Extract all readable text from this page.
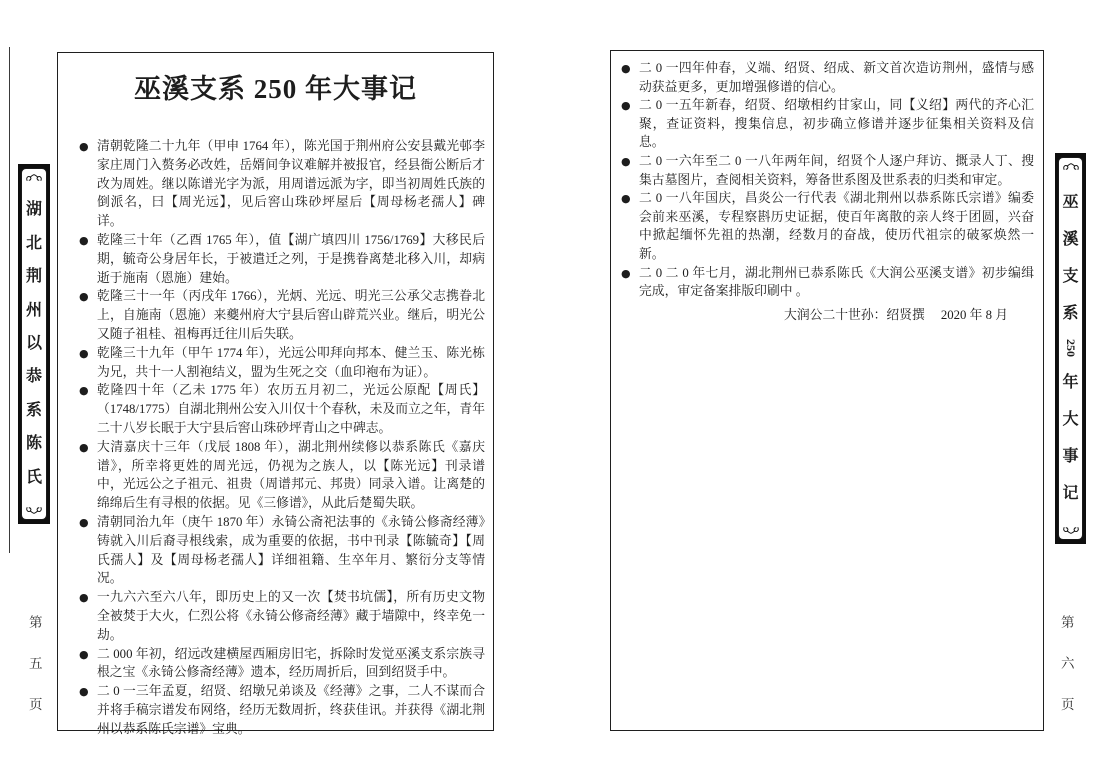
巫溪支系 250 年大事记
● 清朝乾隆二十九年（甲申 1764 年），陈光国于荆州府公安县戴光邨李家庄周门入赘务必改姓，岳婿间争议难解并被报官，经县衙公断后才改为周姓。继以陈谱光字为派，用周谱远派为字，即当初周姓氏族的倒派名，曰【周光远】，见后窖山珠砂坪屋后【周母杨老孺人】碑详。
● 乾隆三十年（乙酉 1765 年），值【湖广填四川 1756/1769】大移民后期，毓奇公身居年长，于被遣迁之列，于是携眷离楚北移入川，却病逝于施南（恩施）建始。
● 乾隆三十一年（丙戌年 1766），光炳、光远、明光三公承父志携眷北上，自施南（恩施）来夔州府大宁县后窖山辟荒兴业。继后，明光公又随子祖桂、祖梅再迁往川后失联。
● 乾隆三十九年（甲午 1774 年），光远公叩拜向邦本、健兰玉、陈光栋为兄，共十一人割袍结义，盟为生死之交（血印袍布为证）。
● 乾隆四十年（乙未 1775 年）农历五月初二，光远公原配【周氏】（1748/1775）自湖北荆州公安入川仅十个春秋，未及而立之年，青年二十八岁长眠于大宁县后窖山珠砂坪青山之中碑志。
● 大清嘉庆十三年（戊辰 1808 年），湖北荆州续修以恭系陈氏《嘉庆谱》，所幸将更姓的周光远，仍视为之族人，以【陈光远】刊录谱中，光远公之子祖元、祖贵（周谱邦元、邦贵）同录入谱。让离楚的绵绵后生有寻根的依据。见《三修谱》，从此后楚蜀失联。
● 清朝同治九年（庚午 1870 年）永锜公斋祀法事的《永锜公修斋经薄》铸就入川后裔寻根线索，成为重要的依据，书中刊录【陈毓奇】【周氏孺人】及【周母杨老孺人】详细祖籍、生卒年月、繁衍分支等情况。
● 一九六六至六八年，即历史上的又一次【焚书坑儒】，所有历史文物全被焚于大火，仁烈公将《永锜公修斋经薄》藏于墙隙中，终幸免一劫。
● 二 000 年初，绍远改建横屋西厢房旧宅，拆除时发觉巫溪支系宗族寻根之宝《永锜公修斋经薄》遗本，经历周折后，回到绍贤手中。
● 二 0 一三年孟夏，绍贤、绍墩兄弟谈及《经薄》之事，二人不谋而合并将手稿宗谱发布网络，经历无数周折，终获佳讯。并获得《湖北荆州以恭系陈氏宗谱》宝典。
● 二 0 一四年仲春，义端、绍贤、绍成、新文首次造访荆州，盛情与感动获益更多，更加增强修谱的信心。
● 二 0 一五年新春，绍贤、绍墩相约甘家山，同【义绍】两代的齐心汇聚，查证资料，搜集信息，初步确立修谱并逐步征集相关资料及信息。
● 二 0 一六年至二 0 一八年两年间，绍贤个人逐户拜访、摡录人丁、搜集古墓图片，查阅相关资料，筹备世系图及世系表的归类和审定。
● 二 0 一八年国庆，昌炎公一行代表《湖北荆州以恭系陈氏宗谱》编委会前来巫溪，专程察斟历史证据，使百年离散的亲人终于团圆，兴奋中掀起缅怀先祖的热潮，经数月的奋战，使历代祖宗的破冢焕然一新。
● 二 0 二 0 年七月，湖北荆州已恭系陈氏《大润公巫溪支谱》初步编缉完成，审定备案排版印刷中 。
大润公二十世孙：绍贤撰 2020 年 8 月
湖
北
荆
州
以
恭
系
陈
氏
巫
溪
支
系
250
年
大
事
记
第
五
页
第
六
页
